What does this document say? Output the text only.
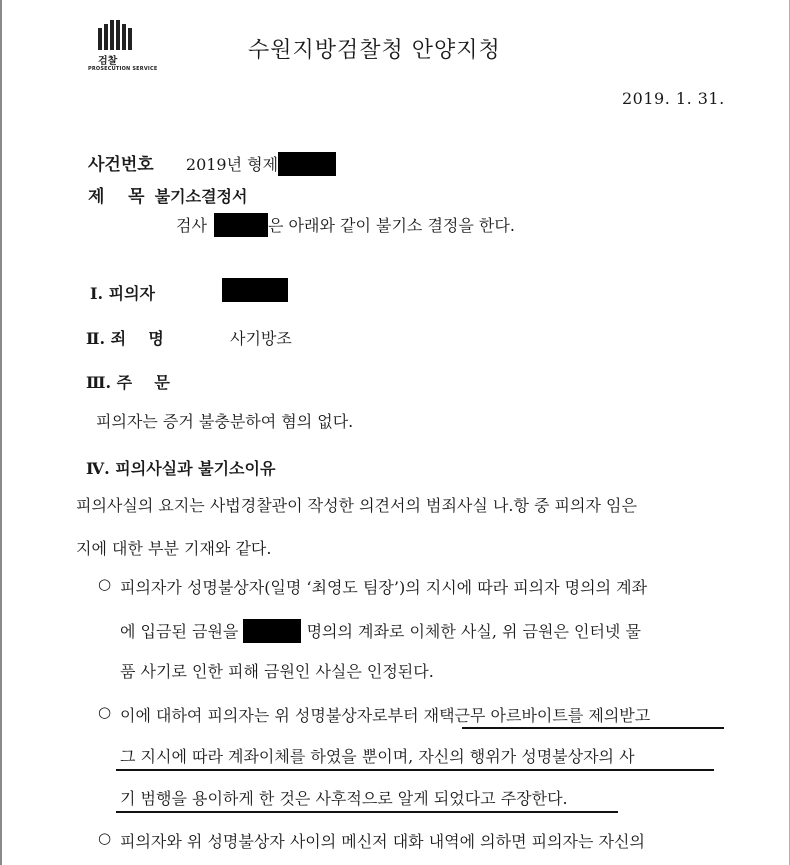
검찰
PROSECUTION SERVICE
수원지방검찰청 안양지청
2019. 1. 31.
사건번호 2019년 형제
제    목 불기소결정서
검사	은 아래와 같이 불기소 결정을 한다.
Ⅰ. 피의자
Ⅱ. 죄    명	사기방조
Ⅲ. 주    문
피의자는 증거 불충분하여 혐의 없다.
Ⅳ. 피의사실과 불기소이유
피의사실의 요지는 사법경찰관이 작성한 의견서의 범죄사실 나.항 중 피의자 임은
지에 대한 부분 기재와 같다.
○ 피의자가 성명불상자(일명 ‘최영도 팀장’)의 지시에 따라 피의자 명의의 계좌
에 입금된 금원을	명의의 계좌로 이체한 사실, 위 금원은 인터넷 물
품 사기로 인한 피해 금원인 사실은 인정된다.
○ 이에 대하여 피의자는 위 성명불상자로부터 재택근무 아르바이트를 제의받고
그 지시에 따라 계좌이체를 하였을 뿐이며, 자신의 행위가 성명불상자의 사
기 범행을 용이하게 한 것은 사후적으로 알게 되었다고 주장한다.
○ 피의자와 위 성명불상자 사이의 메신저 대화 내역에 의하면 피의자는 자신의
